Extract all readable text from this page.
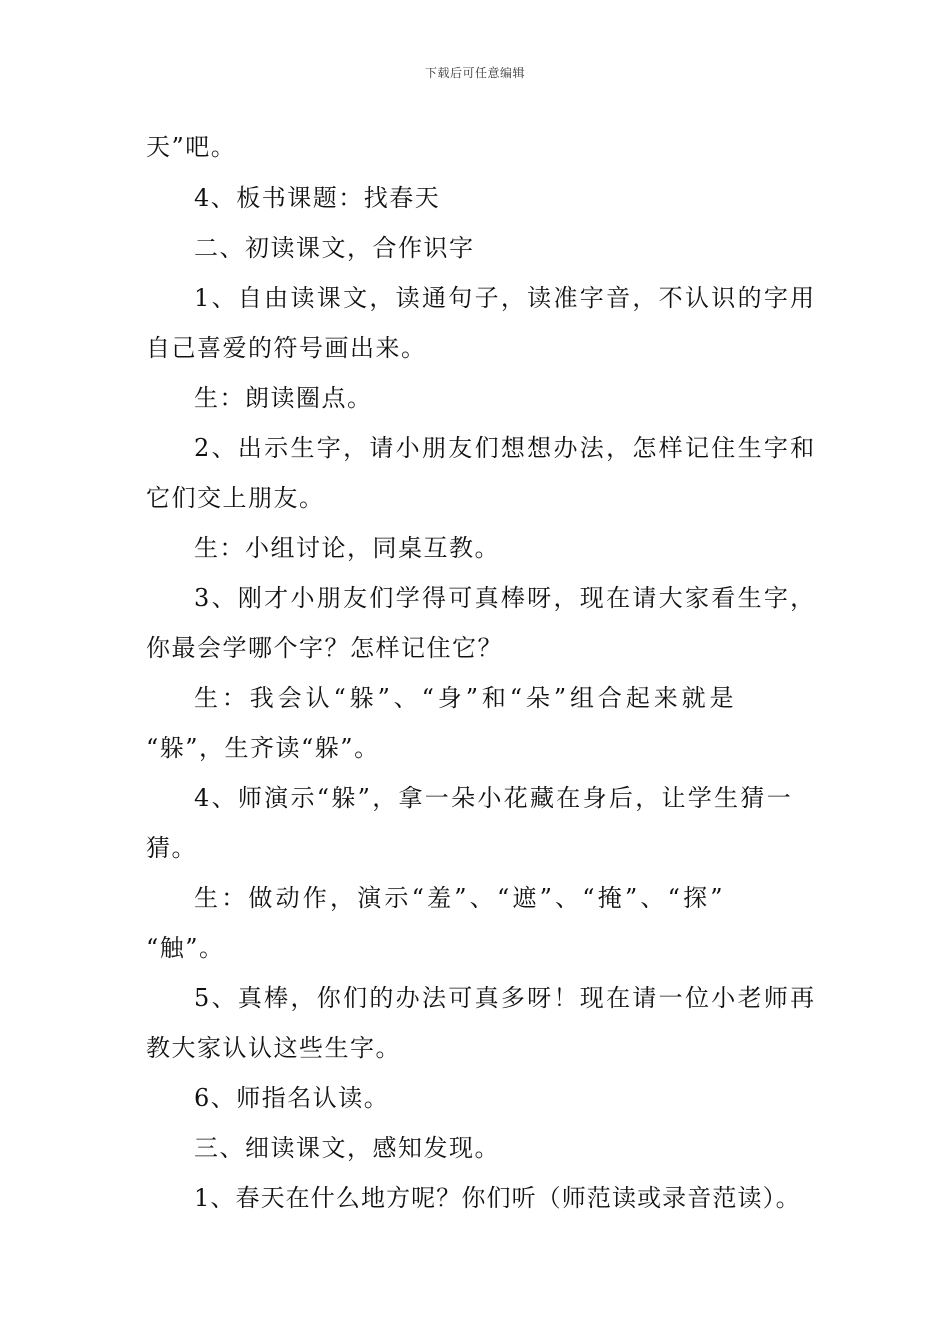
下载后可任意编辑
天”吧。
4、板书课题：找春天
二、初读课文，合作识字
1、自由读课文，读通句子，读准字音，不认识的字用
自己喜爱的符号画出来。
生：朗读圈点。
2、出示生字，请小朋友们想想办法，怎样记住生字和
它们交上朋友。
生：小组讨论，同桌互教。
3、刚才小朋友们学得可真棒呀，现在请大家看生字，
你最会学哪个字？怎样记住它？
生：我会认“躲”、“身”和“朵”组合起来就是
“躲”，生齐读“躲”。
4、师演示“躲”，拿一朵小花藏在身后，让学生猜一
猜。
生：做动作，演示“羞”、“遮”、“掩”、“探”
“触”。
5、真棒，你们的办法可真多呀！现在请一位小老师再
教大家认认这些生字。
6、师指名认读。
三、细读课文，感知发现。
1、春天在什么地方呢？你们听（师范读或录音范读）。
